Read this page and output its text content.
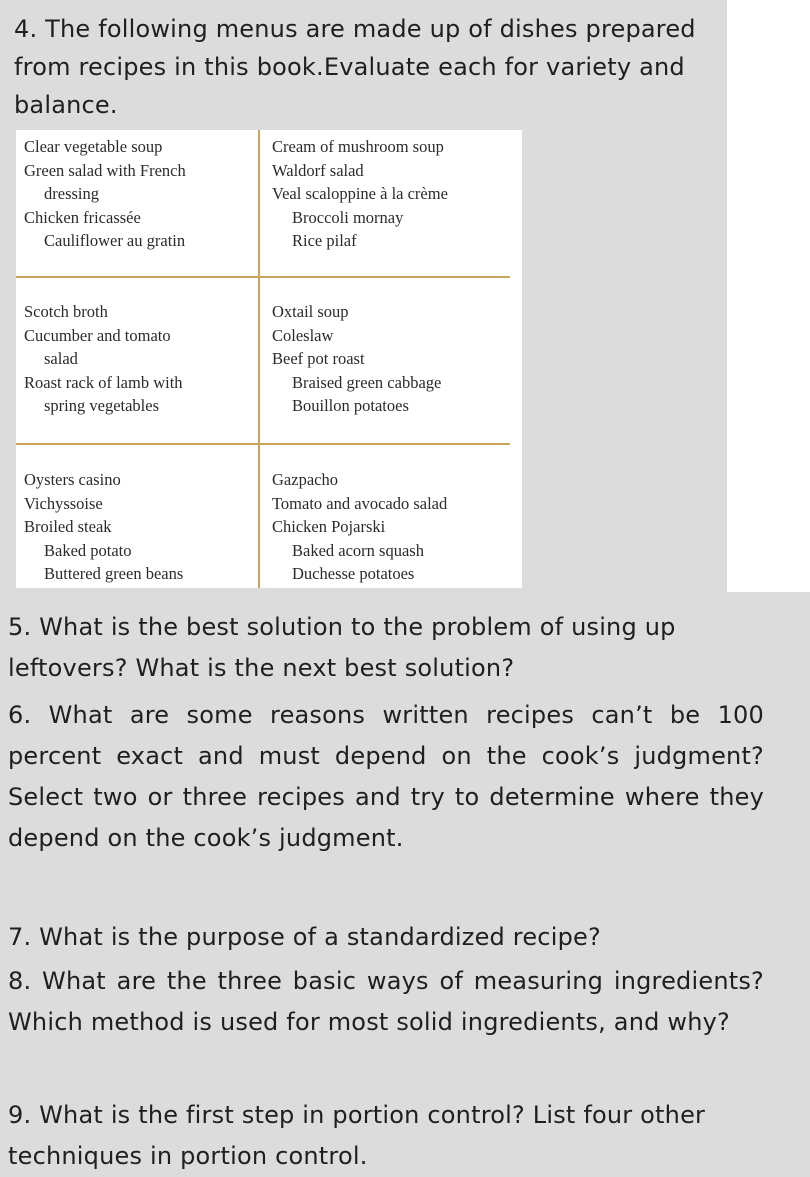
4. The following menus are made up of dishes prepared from recipes in this book.Evaluate each for variety and balance.

Clear vegetable soup
Green salad with French
dressing
Chicken fricassée
Cauliflower au gratin
Cream of mushroom soup
Waldorf salad
Veal scaloppine à la crème
Broccoli mornay
Rice pilaf
Scotch broth
Cucumber and tomato
salad
Roast rack of lamb with
spring vegetables
Oxtail soup
Coleslaw
Beef pot roast
Braised green cabbage
Bouillon potatoes
Oysters casino
Vichyssoise
Broiled steak
Baked potato
Buttered green beans
Gazpacho
Tomato and avocado salad
Chicken Pojarski
Baked acorn squash
Duchesse potatoes

5. What is the best solution to the problem of using up leftovers? What is the next best solution?

6. What are some reasons written recipes can’t be 100 percent exact and must depend on the cook’s judgment? Select two or three recipes and try to determine where they depend on the cook’s judgment.

7. What is the purpose of a standardized recipe?

8. What are the three basic ways of measuring ingredients? Which method is used for most solid ingredients, and why?

9. What is the first step in portion control? List four other techniques in portion control.
